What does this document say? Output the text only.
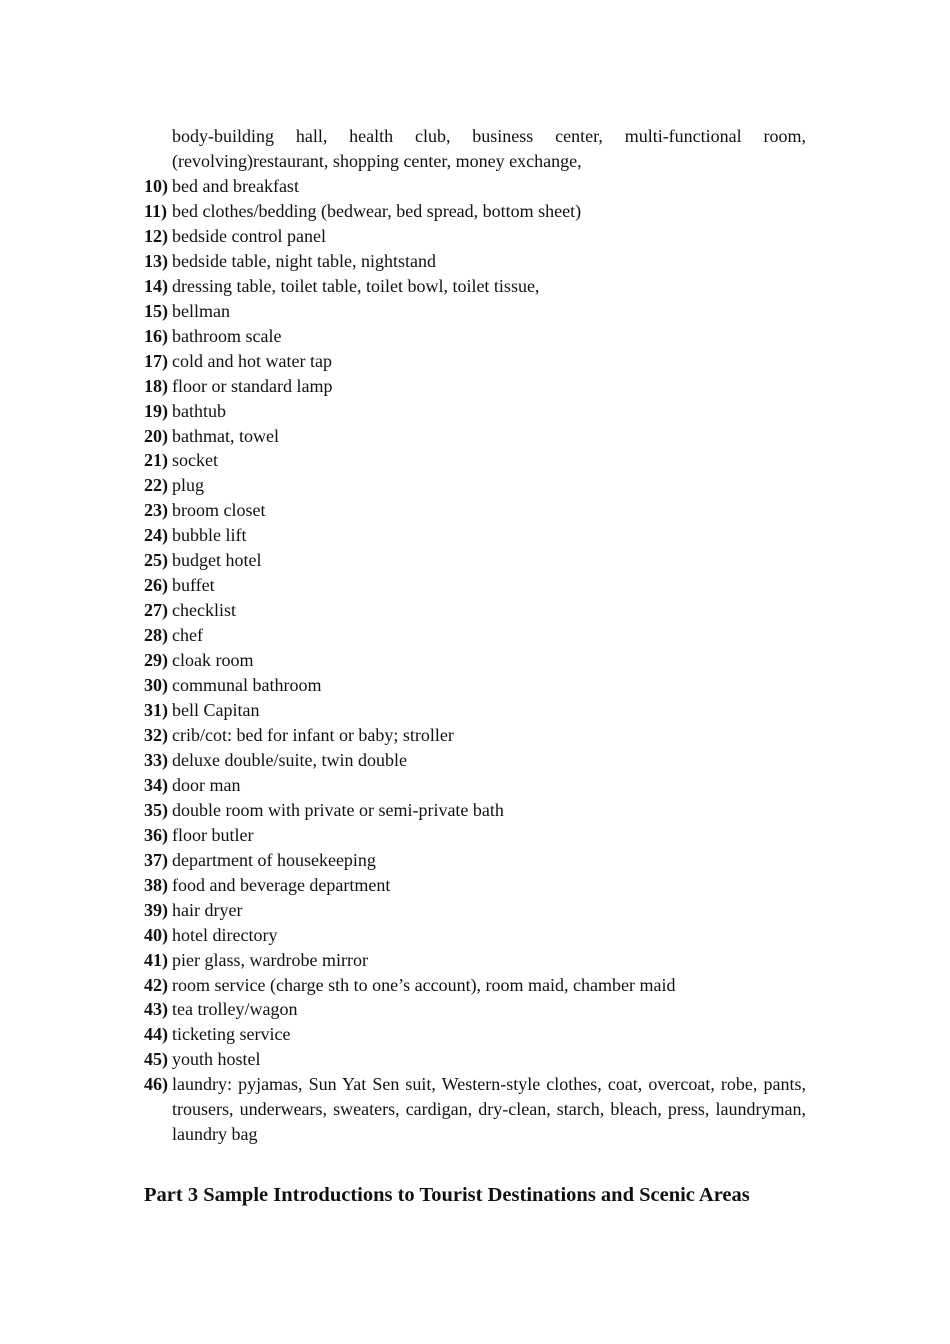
body-building hall, health club, business center, multi-functional room, (revolving)restaurant, shopping center, money exchange,
10) bed and breakfast
11) bed clothes/bedding (bedwear, bed spread, bottom sheet)
12) bedside control panel
13) bedside table, night table, nightstand
14) dressing table, toilet table, toilet bowl, toilet tissue,
15) bellman
16) bathroom scale
17) cold and hot water tap
18) floor or standard lamp
19) bathtub
20) bathmat, towel
21) socket
22) plug
23) broom closet
24) bubble lift
25) budget hotel
26) buffet
27) checklist
28) chef
29) cloak room
30) communal bathroom
31) bell Capitan
32) crib/cot: bed for infant or baby; stroller
33) deluxe double/suite, twin double
34) door man
35) double room with private or semi-private bath
36) floor butler
37) department of housekeeping
38) food and beverage department
39) hair dryer
40) hotel directory
41) pier glass, wardrobe mirror
42) room service (charge sth to one’s account), room maid, chamber maid
43) tea trolley/wagon
44) ticketing service
45) youth hostel
46) laundry: pyjamas, Sun Yat Sen suit, Western-style clothes, coat, overcoat, robe, pants, trousers, underwears, sweaters, cardigan, dry-clean, starch, bleach, press, laundryman, laundry bag
Part 3 Sample Introductions to Tourist Destinations and Scenic Areas
